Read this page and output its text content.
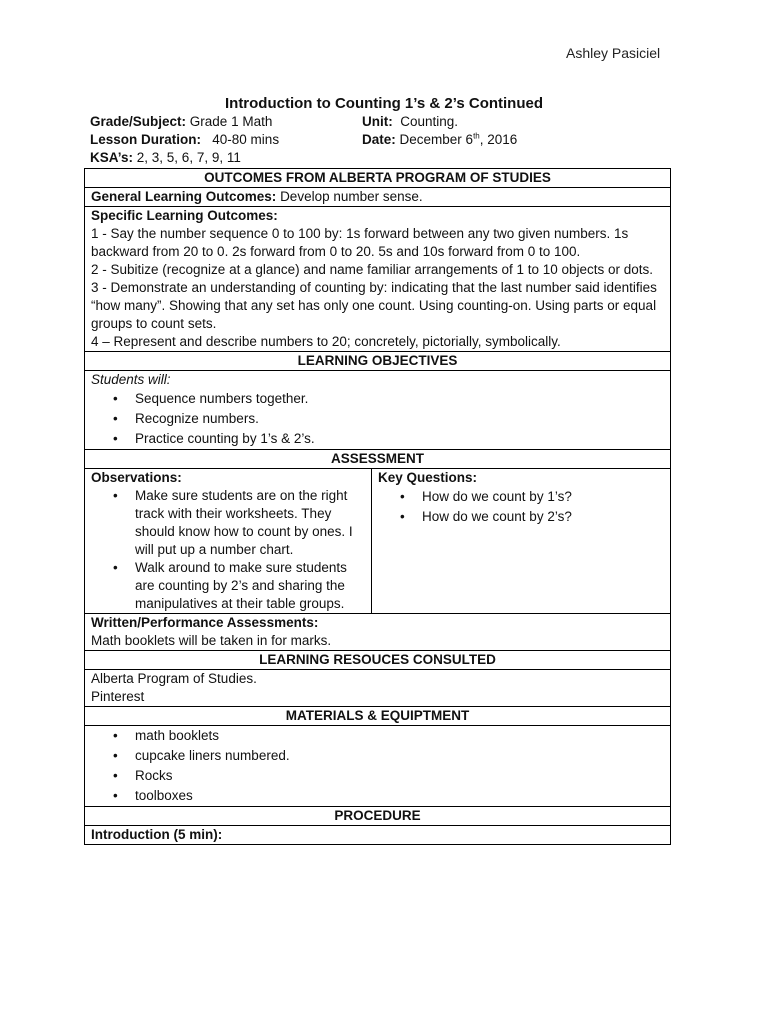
Ashley Pasiciel
Introduction to Counting 1’s & 2’s Continued
Grade/Subject: Grade 1 Math	Unit: Counting.
Lesson Duration: 40-80 mins	Date: December 6th, 2016
KSA’s: 2, 3, 5, 6, 7, 9, 11
OUTCOMES FROM ALBERTA PROGRAM OF STUDIES
General Learning Outcomes: Develop number sense.

Specific Learning Outcomes:
1 - Say the number sequence 0 to 100 by: 1s forward between any two given numbers. 1s backward from 20 to 0. 2s forward from 0 to 20. 5s and 10s forward from 0 to 100.
2 - Subitize (recognize at a glance) and name familiar arrangements of 1 to 10 objects or dots.
3 - Demonstrate an understanding of counting by: indicating that the last number said identifies “how many”. Showing that any set has only one count. Using counting-on. Using parts or equal groups to count sets.
4 – Represent and describe numbers to 20; concretely, pictorially, symbolically.

LEARNING OBJECTIVES

Students will:
• Sequence numbers together.
• Recognize numbers.
• Practice counting by 1’s & 2’s.

ASSESSMENT

Observations:
• Make sure students are on the right track with their worksheets. They should know how to count by ones. I will put up a number chart.
• Walk around to make sure students are counting by 2’s and sharing the manipulatives at their table groups.

Key Questions:
• How do we count by 1’s?
• How do we count by 2’s?

Written/Performance Assessments:
Math booklets will be taken in for marks.

LEARNING RESOUCES CONSULTED

Alberta Program of Studies.
Pinterest

MATERIALS & EQUIPTMENT

• math booklets
• cupcake liners numbered.
• Rocks
• toolboxes

PROCEDURE
Introduction (5 min):
